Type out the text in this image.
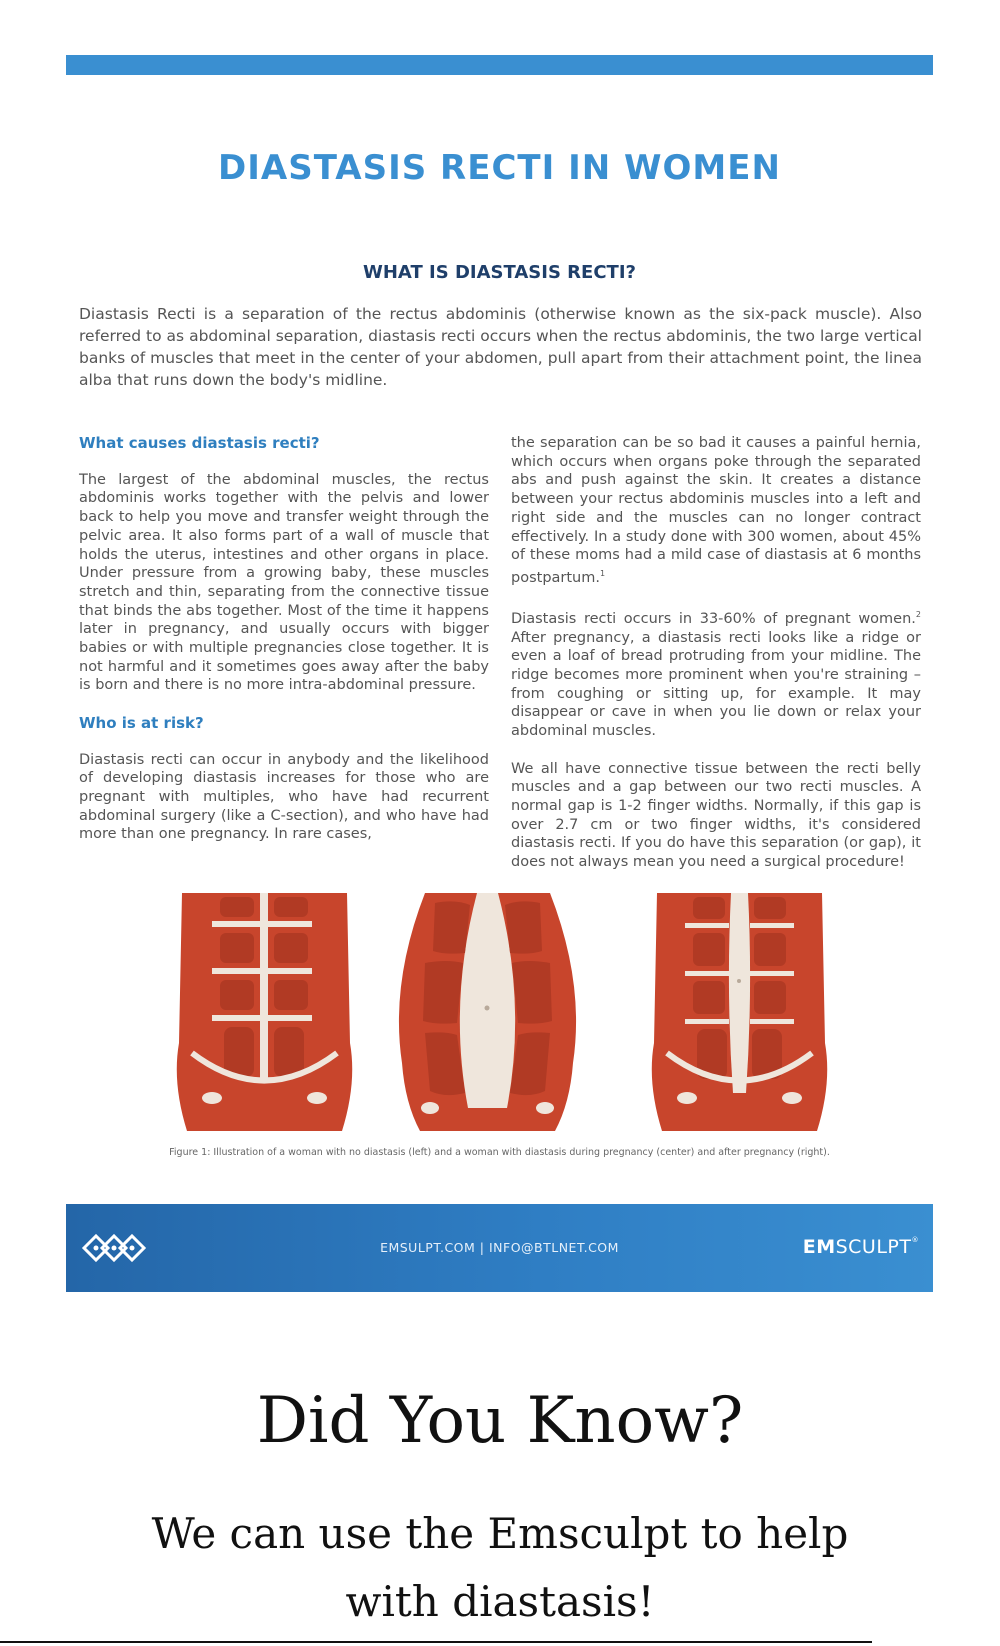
DIASTASIS RECTI IN WOMEN
WHAT IS DIASTASIS RECTI?

Diastasis Recti is a separation of the rectus abdominis (otherwise known as the six-pack muscle). Also referred to as abdominal separation, diastasis recti occurs when the rectus abdominis, the two large vertical banks of muscles that meet in the center of your abdomen, pull apart from their attachment point, the linea alba that runs down the body's midline.

What causes diastasis recti?

The largest of the abdominal muscles, the rectus abdominis works together with the pelvis and lower back to help you move and transfer weight through the pelvic area. It also forms part of a wall of muscle that holds the uterus, intestines and other organs in place. Under pressure from a growing baby, these muscles stretch and thin, separating from the connective tissue that binds the abs together. Most of the time it happens later in pregnancy, and usually occurs with bigger babies or with multiple pregnancies close together. It is not harmful and it sometimes goes away after the baby is born and there is no more intra-abdominal pressure.

Who is at risk?

Diastasis recti can occur in anybody and the likelihood of developing diastasis increases for those who are pregnant with multiples, who have had recurrent abdominal surgery (like a C-section), and who have had more than one pregnancy. In rare cases,

the separation can be so bad it causes a painful hernia, which occurs when organs poke through the separated abs and push against the skin. It creates a distance between your rectus abdominis muscles into a left and right side and the muscles can no longer contract effectively. In a study done with 300 women, about 45% of these moms had a mild case of diastasis at 6 months postpartum.$^1$

Diastasis recti occurs in 33-60% of pregnant women.$^2$ After pregnancy, a diastasis recti looks like a ridge or even a loaf of bread protruding from your midline. The ridge becomes more prominent when you're straining – from coughing or sitting up, for example. It may disappear or cave in when you lie down or relax your abdominal muscles.

We all have connective tissue between the recti belly muscles and a gap between our two recti muscles. A normal gap is 1-2 finger widths. Normally, if this gap is over 2.7 cm or two finger widths, it's considered diastasis recti. If you do have this separation (or gap), it does not always mean you need a surgical procedure!

Figure 1: Illustration of a woman with no diastasis (left) and a woman with diastasis during pregnancy (center) and after pregnancy (right).

EMSULPT.COM | INFO@BTLNET.COM	EMSCULPT®
Did You Know?

We can use the Emsculpt to help with diastasis!
